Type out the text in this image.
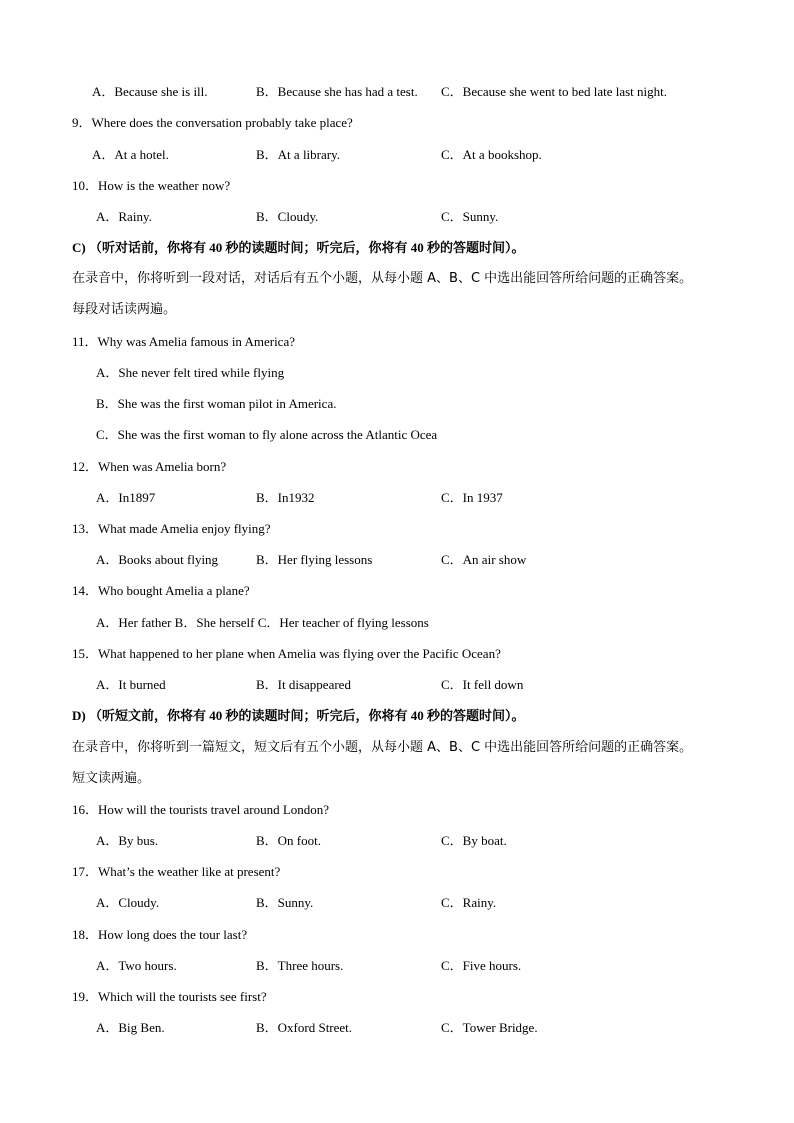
A．Because she is ill.	B．Because she has had a test. C．Because she went to bed late last night.
9．Where does the conversation probably take place?
A．At a hotel.	B．At a library.	C．At a bookshop.
10．How is the weather now?
A．Rainy.	B．Cloudy.	C．Sunny.
C) （听对话前，你将有 40 秒的读题时间；听完后，你将有 40 秒的答题时间）。
在录音中，你将听到一段对话，对话后有五个小题，从每小题 A、B、C 中选出能回答所给问题的正确答案。
每段对话读两遍。
11．Why was Amelia famous in America?
A．She never felt tired while flying
B．She was the first woman pilot in America.
C．She was the first woman to fly alone across the Atlantic Ocea
12．When was Amelia born?
A．In1897	B．In1932	C．In 1937
13．What made Amelia enjoy flying?
A．Books about flying	B．Her flying lessons	C．An air show
14．Who bought Amelia a plane?
A．Her father B．She herself C．Her teacher of flying lessons
15．What happened to her plane when Amelia was flying over the Pacific Ocean?
A．It burned	B．It disappeared	C．It fell down
D) （听短文前，你将有 40 秒的读题时间；听完后，你将有 40 秒的答题时间）。
在录音中，你将听到一篇短文，短文后有五个小题，从每小题 A、B、C 中选出能回答所给问题的正确答案。
短文读两遍。
16．How will the tourists travel around London?
A．By bus.	B．On foot.	C．By boat.
17．What’s the weather like at present?
A．Cloudy.	B．Sunny.	C．Rainy.
18．How long does the tour last?
A．Two hours.	B．Three hours.	C．Five hours.
19．Which will the tourists see first?
A．Big Ben.	B．Oxford Street.	C．Tower Bridge.
